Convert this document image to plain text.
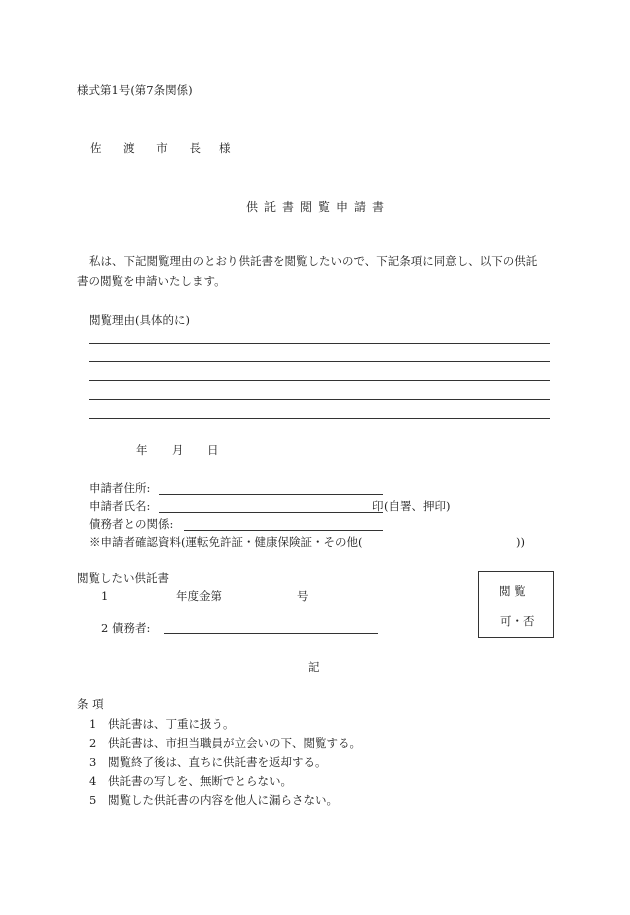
様式第1号(第7条関係)
佐 渡 市 長 様
供託書閲覧申請書
私は、下記閲覧理由のとおり供託書を閲覧したいので、下記条項に同意し、以下の供託
書の閲覧を申請いたします。
閲覧理由(具体的に)
年 月 日
申請者住所:
申請者氏名:	印 (自署、押印)
債務者との関係:
※申請者確認資料(運転免許証・健康保険証・その他(	))
閲覧したい供託書
1	年度金第	号
2 債務者:
閲 覧
可・否
記
条 項
1 供託書は、丁重に扱う。
2 供託書は、市担当職員が立会いの下、閲覧する。
3 閲覧終了後は、直ちに供託書を返却する。
4 供託書の写しを、無断でとらない。
5 閲覧した供託書の内容を他人に漏らさない。
